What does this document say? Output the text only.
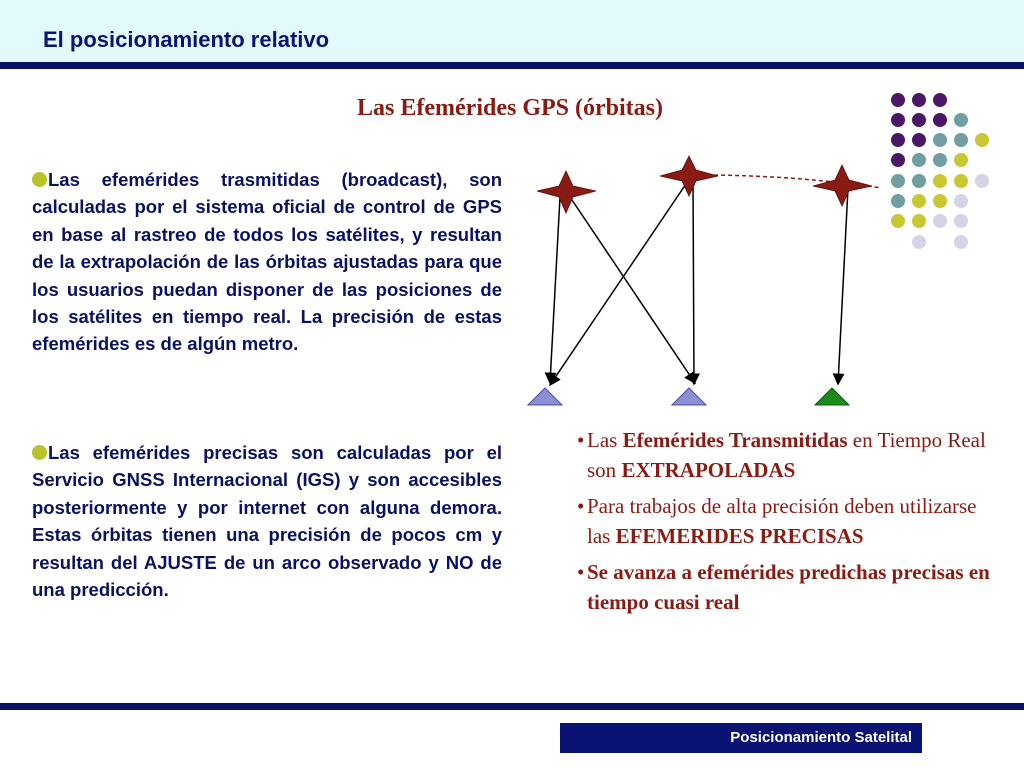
El posicionamiento relativo
Las Efemérides GPS (órbitas)
Las efemérides trasmitidas (broadcast), son calculadas por el sistema oficial de control de GPS en base al rastreo de todos los satélites, y resultan de la extrapolación de las órbitas ajustadas para que los usuarios puedan disponer de las posiciones de los satélites en tiempo real. La precisión de estas efemérides es de algún metro.
Las efemérides precisas son calculadas por el Servicio GNSS Internacional (IGS) y son accesibles posteriormente y por internet con alguna demora. Estas órbitas tienen una precisión de pocos cm y resultan del AJUSTE de un arco observado y NO de una predicción.
• Las Efemérides Transmitidas en Tiempo Real son EXTRAPOLADAS
• Para trabajos de alta precisión deben utilizarse las EFEMERIDES PRECISAS
• Se avanza a efemérides predichas precisas en tiempo cuasi real
Posicionamiento Satelital
